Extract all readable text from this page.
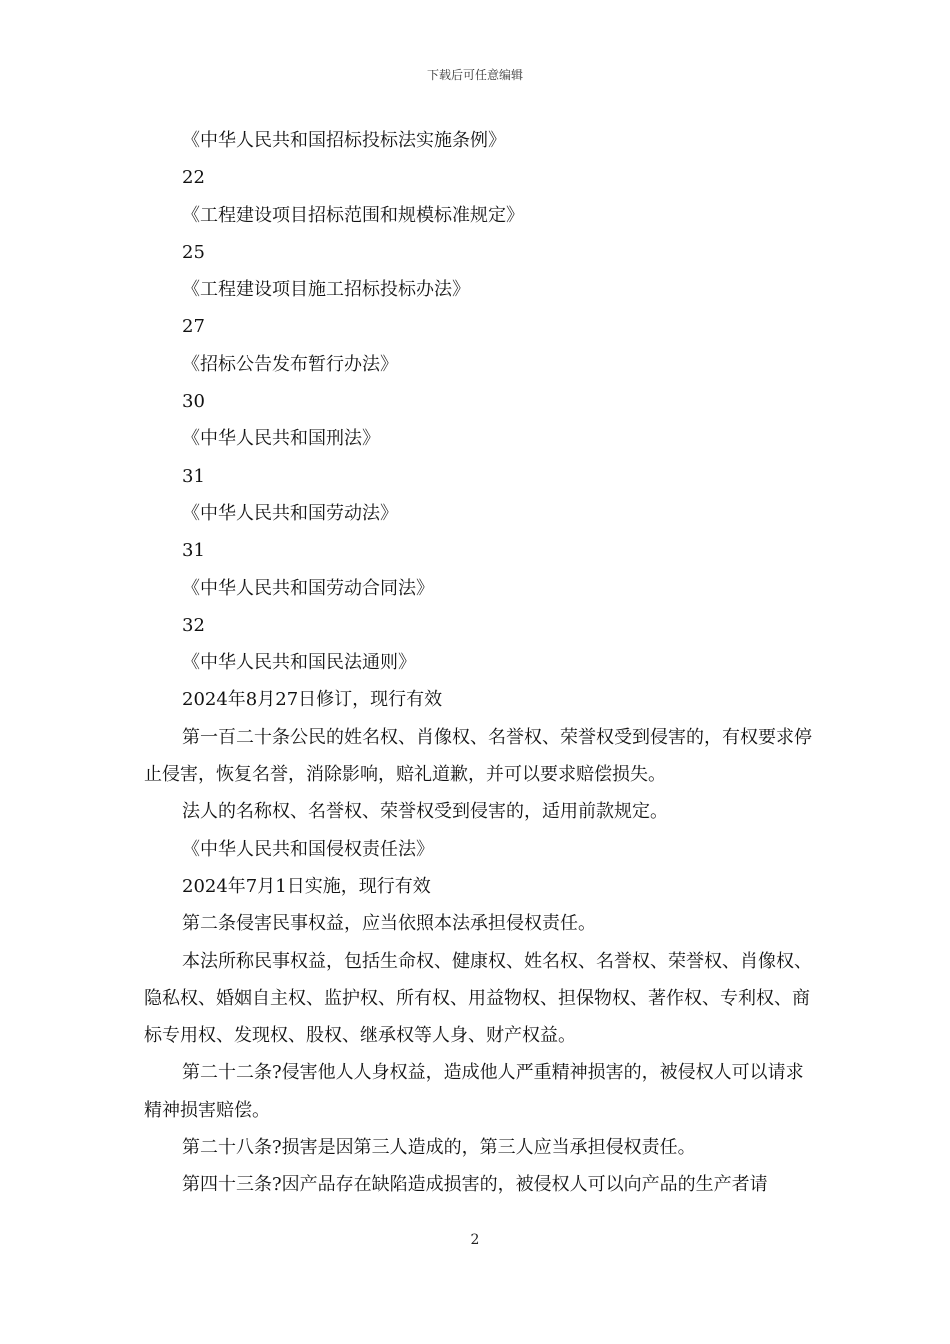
下载后可任意编辑

《中华人民共和国招标投标法实施条例》

22

《工程建设项目招标范围和规模标准规定》

25

《工程建设项目施工招标投标办法》

27

《招标公告发布暂行办法》

30

《中华人民共和国刑法》

31

《中华人民共和国劳动法》

31

《中华人民共和国劳动合同法》

32

《中华人民共和国民法通则》

2024年8月27日修订，现行有效

第一百二十条公民的姓名权、肖像权、名誉权、荣誉权受到侵害的，有权要求停止侵害，恢复名誉，消除影响，赔礼道歉，并可以要求赔偿损失。

法人的名称权、名誉权、荣誉权受到侵害的，适用前款规定。

《中华人民共和国侵权责任法》

2024年7月1日实施，现行有效

第二条侵害民事权益，应当依照本法承担侵权责任。

本法所称民事权益，包括生命权、健康权、姓名权、名誉权、荣誉权、肖像权、隐私权、婚姻自主权、监护权、所有权、用益物权、担保物权、著作权、专利权、商标专用权、发现权、股权、继承权等人身、财产权益。

第二十二条?侵害他人人身权益，造成他人严重精神损害的，被侵权人可以请求精神损害赔偿。

第二十八条?损害是因第三人造成的，第三人应当承担侵权责任。

第四十三条?因产品存在缺陷造成损害的，被侵权人可以向产品的生产者请

2
